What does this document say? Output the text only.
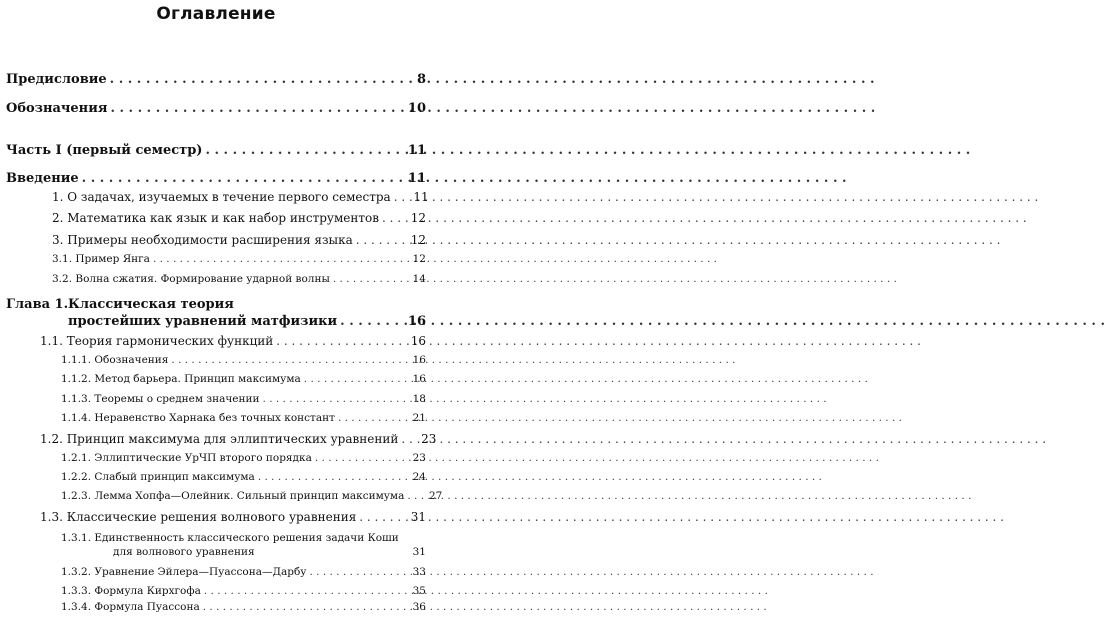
Оглавление
Предисловие . . .	8
Обозначения . . .	10
Часть I (первый семестр) . . .	11
Введение . . .	11
1. О задачах, изучаемых в течение первого семестра . . .	11
2. Математика как язык и как набор инструментов . . .	12
3. Примеры необходимости расширения языка . . .	12
3.1. Пример Янга . . .	12
3.2. Волна сжатия. Формирование ударной волны . . .	14
Глава 1. Классическая теория
простейших уравнений матфизики . . .	16
1.1. Теория гармонических функций . . .	16
1.1.1. Обозначения . . .	16
1.1.2. Метод барьера. Принцип максимума . . .	16
1.1.3. Теоремы о среднем значении . . .	18
1.1.4. Неравенство Харнака без точных констант . . .	21
1.2. Принцип максимума для эллиптических уравнений . . .	23
1.2.1. Эллиптические УрЧП второго порядка . . .	23
1.2.2. Слабый принцип максимума . . .	24
1.2.3. Лемма Хопфа—Олейник. Сильный принцип максимума . . .	27
1.3. Классические решения волнового уравнения . . .	31
1.3.1. Единственность классического решения задачи Коши
для волнового уравнения	31
1.3.2. Уравнение Эйлера—Пуассона—Дарбу . . .	33
1.3.3. Формула Кирхгофа . . .	35
1.3.4. Формула Пуассона . . .	36
